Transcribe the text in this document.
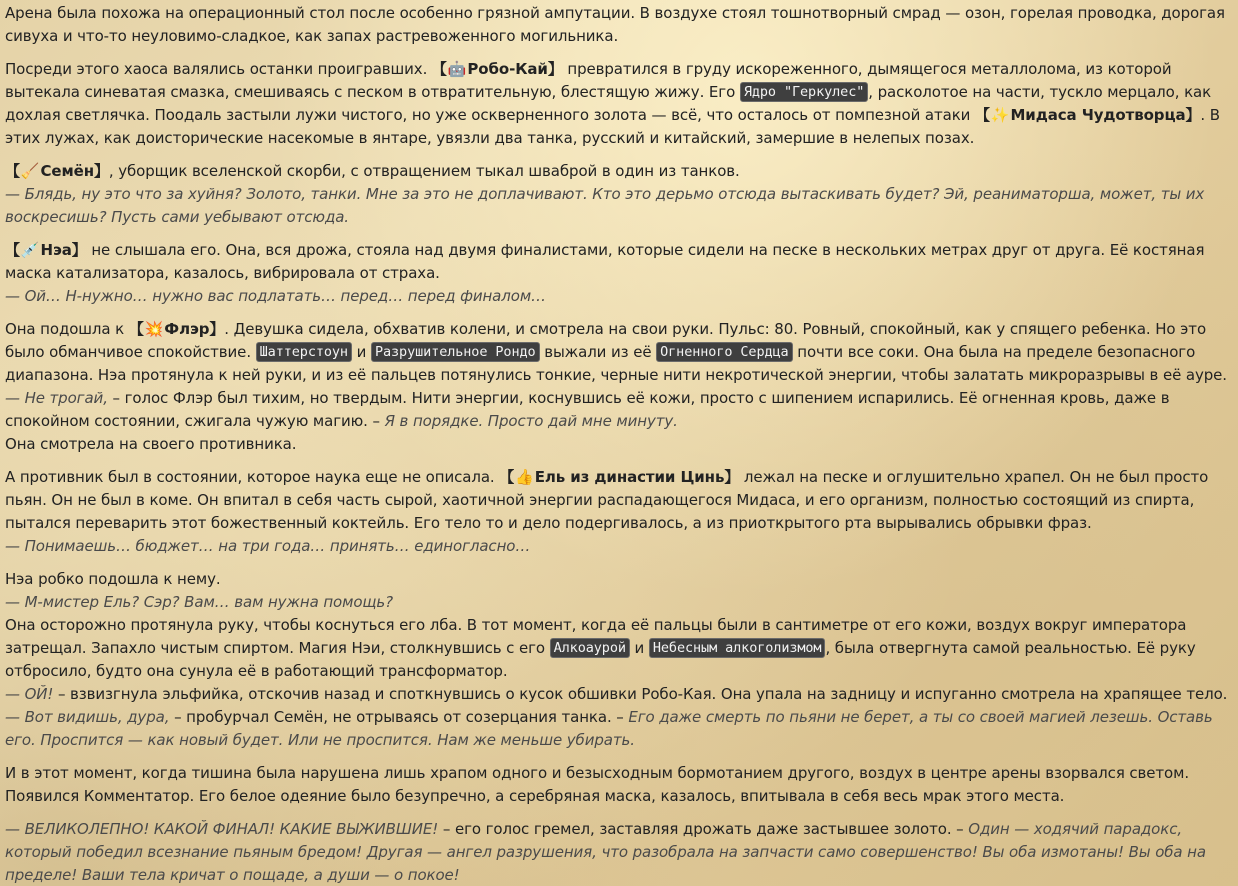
Арена была похожа на операционный стол после особенно грязной ампутации. В воздухе стоял тошнотворный смрад — озон, горелая проводка, дорогая сивуха и что-то неуловимо-сладкое, как запах растревоженного могильника.

Посреди этого хаоса валялись останки проигравших. 【🤖Робо-Кай】 превратился в груду искореженного, дымящегося металлолома, из которой вытекала синеватая смазка, смешиваясь с песком в отвратительную, блестящую жижу. Его Ядро "Геркулес" , расколотое на части, тускло мерцало, как дохлая светлячка. Поодаль застыли лужи чистого, но уже оскверненного золота — всё, что осталось от помпезной атаки 【✨Мидаса Чудотворца】. В этих лужах, как доисторические насекомые в янтаре, увязли два танка, русский и китайский, замершие в нелепых позах.

【🧹Семён】, уборщик вселенской скорби, с отвращением тыкал шваброй в один из танков.
— Блядь, ну это что за хуйня? Золото, танки. Мне за это не доплачивают. Кто это дерьмо отсюда вытаскивать будет? Эй, реаниматорша, может, ты их воскресишь? Пусть сами уебывают отсюда.

【💉Нэа】 не слышала его. Она, вся дрожа, стояла над двумя финалистами, которые сидели на песке в нескольких метрах друг от друга. Её костяная маска катализатора, казалось, вибрировала от страха.
— Ой… Н-нужно… нужно вас подлатать… перед… перед финалом…

Она подошла к 【💥Флэр】. Девушка сидела, обхватив колени, и смотрела на свои руки. Пульс: 80. Ровный, спокойный, как у спящего ребенка. Но это было обманчивое спокойствие. Шаттерстоун и Разрушительное Рондо выжали из её Огненного Сердца почти все соки. Она была на пределе безопасного диапазона. Нэа протянула к ней руки, и из её пальцев потянулись тонкие, черные нити некротической энергии, чтобы залатать микроразрывы в её ауре.
— Не трогай, – голос Флэр был тихим, но твердым. Нити энергии, коснувшись её кожи, просто с шипением испарились. Её огненная кровь, даже в спокойном состоянии, сжигала чужую магию. – Я в порядке. Просто дай мне минуту.
Она смотрела на своего противника.

А противник был в состоянии, которое наука еще не описала. 【👍Ель из династии Цинь】 лежал на песке и оглушительно храпел. Он не был просто пьян. Он не был в коме. Он впитал в себя часть сырой, хаотичной энергии распадающегося Мидаса, и его организм, полностью состоящий из спирта, пытался переварить этот божественный коктейль. Его тело то и дело подергивалось, а из приоткрытого рта вырывались обрывки фраз.
— Понимаешь… бюджет… на три года… принять… единогласно…

Нэа робко подошла к нему.
— М-мистер Ель? Сэр? Вам… вам нужна помощь?
Она осторожно протянула руку, чтобы коснуться его лба. В тот момент, когда её пальцы были в сантиметре от его кожи, воздух вокруг императора затрещал. Запахло чистым спиртом. Магия Нэи, столкнувшись с его Алкоаурой и Небесным алкоголизмом , была отвергнута самой реальностью. Её руку отбросило, будто она сунула её в работающий трансформатор.
— ОЙ! – взвизгнула эльфийка, отскочив назад и споткнувшись о кусок обшивки Робо-Кая. Она упала на задницу и испуганно смотрела на храпящее тело.
— Вот видишь, дура, – пробурчал Семён, не отрываясь от созерцания танка. – Его даже смерть по пьяни не берет, а ты со своей магией лезешь. Оставь его. Проспится — как новый будет. Или не проспится. Нам же меньше убирать.

И в этот момент, когда тишина была нарушена лишь храпом одного и безысходным бормотанием другого, воздух в центре арены взорвался светом. Появился Комментатор. Его белое одеяние было безупречно, а серебряная маска, казалось, впитывала в себя весь мрак этого места.

— ВЕЛИКОЛЕПНО! КАКОЙ ФИНАЛ! КАКИЕ ВЫЖИВШИЕ! – его голос гремел, заставляя дрожать даже застывшее золото. – Один — ходячий парадокс, который победил всезнание пьяным бредом! Другая — ангел разрушения, что разобрала на запчасти само совершенство! Вы оба измотаны! Вы оба на пределе! Ваши тела кричат о пощаде, а души — о покое!
